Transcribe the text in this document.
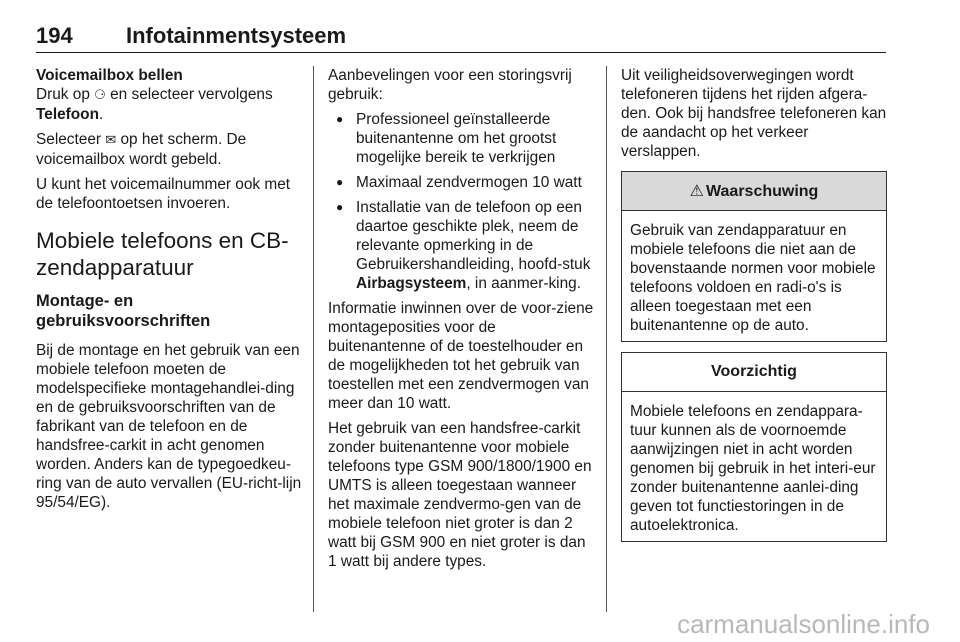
194 Infotainmentsysteem

Voicemailbox bellen

Druk op ⚆ en selecteer vervolgens Telefoon.

Selecteer ✉ op het scherm. De voicemailbox wordt gebeld.

U kunt het voicemailnummer ook met de telefoontoetsen invoeren.

Mobiele telefoons en CB-zendapparatuur

Montage- en gebruiksvoorschriften

Bij de montage en het gebruik van een mobiele telefoon moeten de modelspecifieke montagehandlei-ding en de gebruiksvoorschriften van de fabrikant van de telefoon en de handsfree-carkit in acht genomen worden. Anders kan de typegoedkeu-ring van de auto vervallen (EU-richt-lijn 95/54/EG).

Aanbevelingen voor een storingsvrij gebruik:

● Professioneel geïnstalleerde buitenantenne om het grootst mogelijke bereik te verkrijgen
● Maximaal zendvermogen 10 watt
● Installatie van de telefoon op een daartoe geschikte plek, neem de relevante opmerking in de Gebruikershandleiding, hoofd-stuk Airbagsysteem, in aanmer-king.

Informatie inwinnen over de voor-ziene montageposities voor de buitenantenne of de toestelhouder en de mogelijkheden tot het gebruik van toestellen met een zendvermogen van meer dan 10 watt.

Het gebruik van een handsfree-carkit zonder buitenantenne voor mobiele telefoons type GSM 900/1800/1900 en UMTS is alleen toegestaan wanneer het maximale zendvermo-gen van de mobiele telefoon niet groter is dan 2 watt bij GSM 900 en niet groter is dan 1 watt bij andere types.

Uit veiligheidsoverwegingen wordt telefoneren tijdens het rijden afgera-den. Ook bij handsfree telefoneren kan de aandacht op het verkeer verslappen.

⚠ Waarschuwing
Gebruik van zendapparatuur en mobiele telefoons die niet aan de bovenstaande normen voor mobiele telefoons voldoen en radi-o's is alleen toegestaan met een buitenantenne op de auto.
Voorzichtig
Mobiele telefoons en zendappara-tuur kunnen als de voornoemde aanwijzingen niet in acht worden genomen bij gebruik in het interi-eur zonder buitenantenne aanlei-ding geven tot functiestoringen in de autoelektronica.
carmanualsonline.info
